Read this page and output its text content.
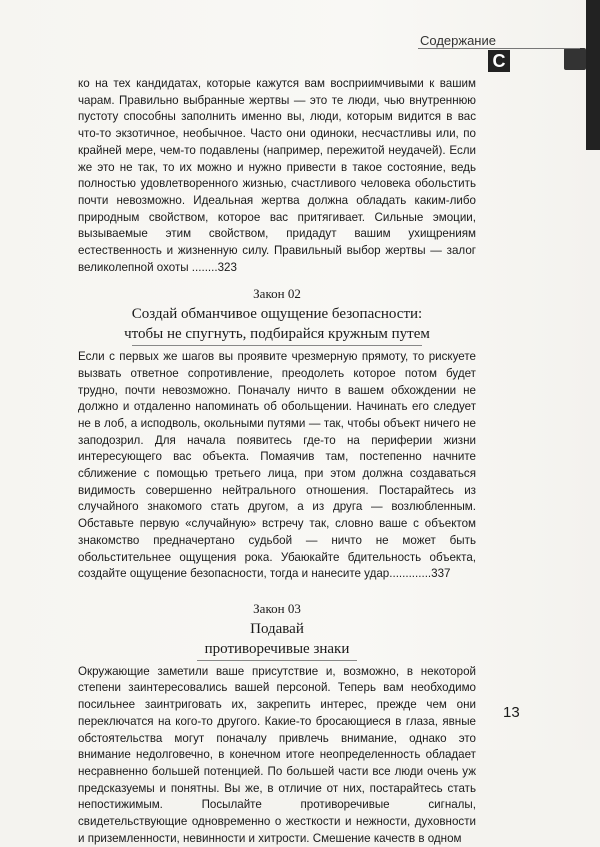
Содержание
C

ко на тех кандидатах, которые кажутся вам восприимчивыми к вашим чарам. Правильно выбранные жертвы — это те люди, чью внутреннюю пустоту способны заполнить именно вы, люди, которым видится в вас что-то экзотичное, необычное. Часто они одиноки, несчастливы или, по крайней мере, чем-то подавлены (например, пережитой неудачей). Если же это не так, то их можно и нужно привести в такое состояние, ведь полностью удовлетворенного жизнью, счастливого человека обольстить почти невозможно. Идеальная жертва должна обладать каким-либо природным свойством, которое вас притягивает. Сильные эмоции, вызываемые этим свойством, придадут вашим ухищрениям естественность и жизненную силу. Правильный выбор жертвы — залог великолепной охоты ........323

Закон 02
Создай обманчивое ощущение безопасности:
чтобы не спугнуть, подбирайся кружным путем

Если с первых же шагов вы проявите чрезмерную прямоту, то рискуете вызвать ответное сопротивление, преодолеть которое потом будет трудно, почти невозможно. Поначалу ничто в вашем обхождении не должно и отдаленно напоминать об обольщении. Начинать его следует не в лоб, а исподволь, окольными путями — так, чтобы объект ничего не заподозрил. Для начала появитесь где-то на периферии жизни интересующего вас объекта. Помаячив там, постепенно начните сближение с помощью третьего лица, при этом должна создаваться видимость совершенно нейтрального отношения. Постарайтесь из случайного знакомого стать другом, а из друга — возлюбленным. Обставьте первую «случайную» встречу так, словно ваше с объектом знакомство предначертано судьбой — ничто не может быть обольстительнее ощущения рока. Убаюкайте бдительность объекта, создайте ощущение безопасности, тогда и нанесите удар.............337

Закон 03
Подавай
противоречивые знаки

Окружающие заметили ваше присутствие и, возможно, в некоторой степени заинтересовались вашей персоной. Теперь вам необходимо посильнее заинтриговать их, закрепить интерес, прежде чем они переключатся на кого-то другого. Какие-то бросающиеся в глаза, явные обстоятельства могут поначалу привлечь внимание, однако это внимание недолговечно, в конечном итоге неопределенность обладает несравненно большей потенцией. По большей части все люди очень уж предсказуемы и понятны. Вы же, в отличие от них, постарайтесь стать непостижимым. Посылайте противоречивые сигналы, свидетельствующие одновременно о жесткости и нежности, духовности и приземленности, невинности и хитрости. Смешение качеств в одном

13
